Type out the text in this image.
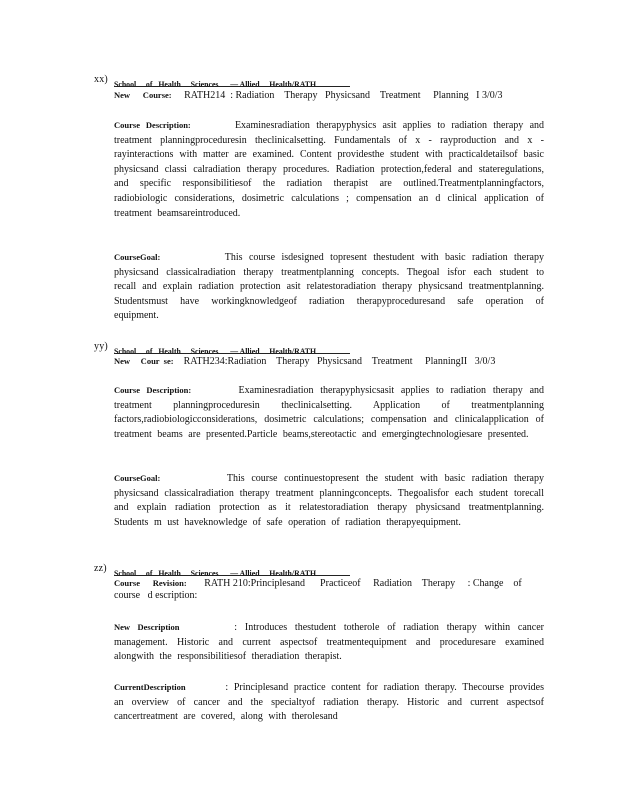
xx) School     of   Health     Sciences      — Allied     Health/RATH
New      Course: RATH214  : Radiation    Therapy   Physicsand    Treatment     Planning   I 3/0/3
Course Description:	Examinesradiation therapyphysics asit applies to radiation therapy and treatment planningproceduresin theclinicalsetting. Fundamentals of x - rayproduction and x -rayinteractions with matter are examined. Content providesthe student with practicaldetailsof basic physicsand classi calradiation therapy procedures. Radiation protection,federal and stateregulations, and specific responsibilitiesof the radiation therapist are outlined.Treatmentplanningfactors, radiobiologic considerations, dosimetric calculations ; compensation an d clinical application of treatment beamsareintroduced.
CourseGoal:	This course isdesigned topresent thestudent with basic radiation therapy physicsand classicalradiation therapy treatmentplanning concepts. Thegoal isfor each student to recall and explain radiation protection asit relatestoradiation therapy physicsand treatmentplanning. Studentsmust have workingknowledgeof radiation therapyproceduresand safe operation of equipment.
yy) School     of   Health     Sciences      — Allied     Health/RATH
New     Cour  se: RATH234:Radiation    Therapy   Physicsand    Treatment     PlanningII   3/0/3
Course Description:	Examinesradiation therapyphysicsasit applies to radiation therapy and treatment planningproceduresin theclinicalsetting. Application of treatmentplanning factors,radiobiologicconsiderations, dosimetric calculations; compensation and clinicalapplication of treatment beams are presented.Particle beams,stereotactic and emergingtechnologiesare presented.
CourseGoal:	This course continuestopresent the student with basic radiation therapy physicsand classicalradiation therapy treatment planningconcepts. Thegoalisfor each student torecall and explain radiation protection as it relatestoradiation therapy physicsand treatmentplanning. Students m ust haveknowledge of safe operation of radiation therapyequipment.
zz) School     of   Health     Sciences      — Allied     Health/RATH
Course      Revision: RATH 210:Principlesand      Practiceof     Radiation    Therapy     : Change    of
course   d escription:
New Description	: Introduces thestudent totherole of radiation therapy within cancer management. Historic and current aspectsof treatmentequipment and proceduresare examined alongwith the responsibilitiesof theradiation therapist.
CurrentDescription	: Principlesand practice content for radiation therapy. Thecourse provides an overview of cancer and the specialtyof radiation therapy. Historic and current aspectsof cancertreatment are covered, along with therolesand
